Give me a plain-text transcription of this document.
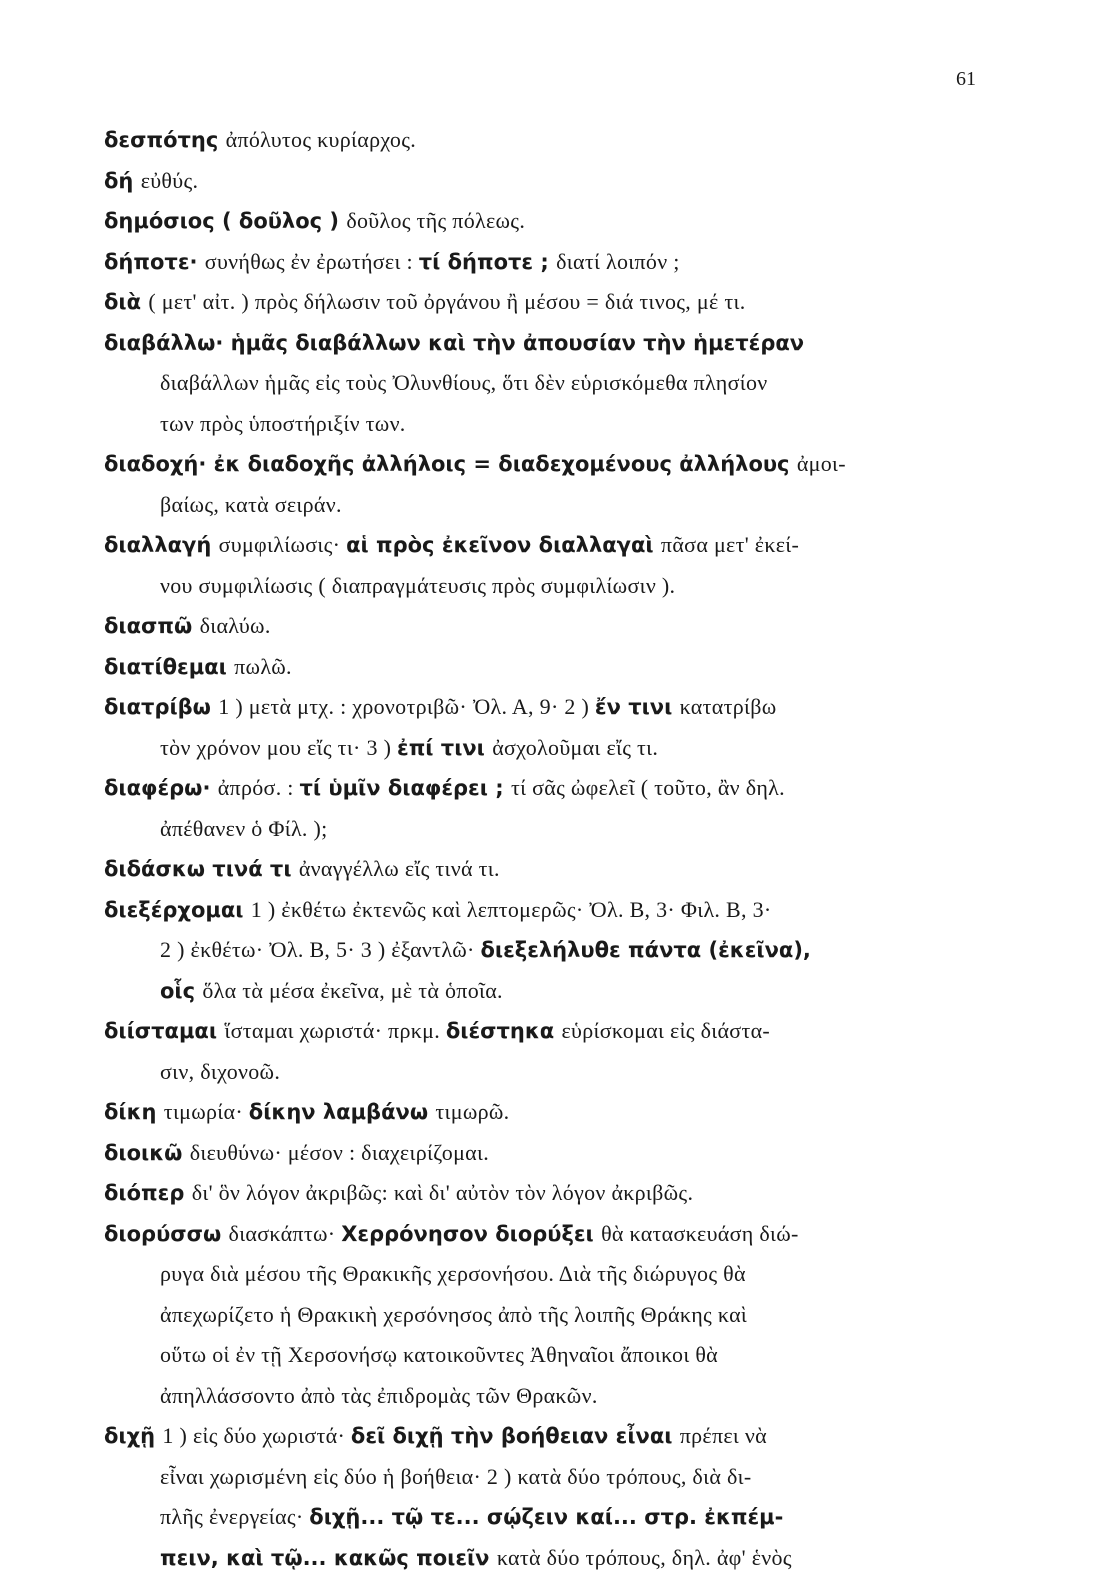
61
δεσπότης ἀπόλυτος κυρίαρχος.
δή εὐθύς.
δημόσιος ( δοῦλος ) δοῦλος τῆς πόλεως.
δήποτε· συνήθως ἐν ἐρωτήσει : τί δήποτε ; διατί λοιπόν ;
διὰ ( μετ' αἰτ. ) πρὸς δήλωσιν τοῦ ὀργάνου ἢ μέσου = διά τινος, μέ τι.
διαβάλλω· ἡμᾶς διαβάλλων καὶ τὴν ἀπουσίαν τὴν ἡμετέραν
διαβάλλων ἡμᾶς εἰς τοὺς Ὀλυνθίους, ὅτι δὲν εὑρισκόμεθα πλησίον
των πρὸς ὑποστήριξίν των.
διαδοχή· ἐκ διαδοχῆς ἀλλήλοις = διαδεχομένους ἀλλήλους ἀμοι-
βαίως, κατὰ σειράν.
διαλλαγή συμφιλίωσις· αἱ πρὸς ἐκεῖνον διαλλαγαὶ πᾶσα μετ' ἐκεί-
νου συμφιλίωσις ( διαπραγμάτευσις πρὸς συμφιλίωσιν ).
διασπῶ διαλύω.
διατίθεμαι πωλῶ.
διατρίβω 1 ) μετὰ μτχ. : χρονοτριβῶ· Ὀλ. Α, 9· 2 ) ἔν τινι κατατρίβω
τὸν χρόνον μου εἴς τι· 3 ) ἐπί τινι ἀσχολοῦμαι εἴς τι.
διαφέρω· ἀπρόσ. : τί ὑμῖν διαφέρει ; τί σᾶς ὠφελεῖ ( τοῦτο, ἂν δηλ.
ἀπέθανεν ὁ Φίλ. );
διδάσκω τινά τι ἀναγγέλλω εἴς τινά τι.
διεξέρχομαι 1 ) ἐκθέτω ἐκτενῶς καὶ λεπτομερῶς· Ὀλ. Β, 3· Φιλ. Β, 3·
2 ) ἐκθέτω· Ὀλ. Β, 5· 3 ) ἐξαντλῶ· διεξελήλυθε πάντα (ἐκεῖνα),
οἷς ὅλα τὰ μέσα ἐκεῖνα, μὲ τὰ ὁποῖα.
διίσταμαι ἵσταμαι χωριστά· πρκμ. διέστηκα εὑρίσκομαι εἰς διάστα-
σιν, διχονοῶ.
δίκη τιμωρία· δίκην λαμβάνω τιμωρῶ.
διοικῶ διευθύνω· μέσον : διαχειρίζομαι.
διόπερ δι' ὃν λόγον ἀκριβῶς: καὶ δι' αὐτὸν τὸν λόγον ἀκριβῶς.
διορύσσω διασκάπτω· Χερρόνησον διορύξει θὰ κατασκευάση διώ-
ρυγα διὰ μέσου τῆς Θρακικῆς χερσονήσου. Διὰ τῆς διώρυγος θὰ
ἀπεχωρίζετο ἡ Θρακικὴ χερσόνησος ἀπὸ τῆς λοιπῆς Θράκης καὶ
οὕτω οἱ ἐν τῇ Χερσονήσῳ κατοικοῦντες Ἀθηναῖοι ἄποικοι θὰ
ἀπηλλάσσοντο ἀπὸ τὰς ἐπιδρομὰς τῶν Θρακῶν.
διχῇ 1 ) εἰς δύο χωριστά· δεῖ διχῇ τὴν βοήθειαν εἶναι πρέπει νὰ
εἶναι χωρισμένη εἰς δύο ἡ βοήθεια· 2 ) κατὰ δύο τρόπους, διὰ δι-
πλῆς ἐνεργείας· διχῇ... τῷ τε... σῴζειν καί... στρ. ἐκπέμ-
πειν, καὶ τῷ... κακῶς ποιεῖν κατὰ δύο τρόπους, δηλ. ἀφ' ἑνὸς
